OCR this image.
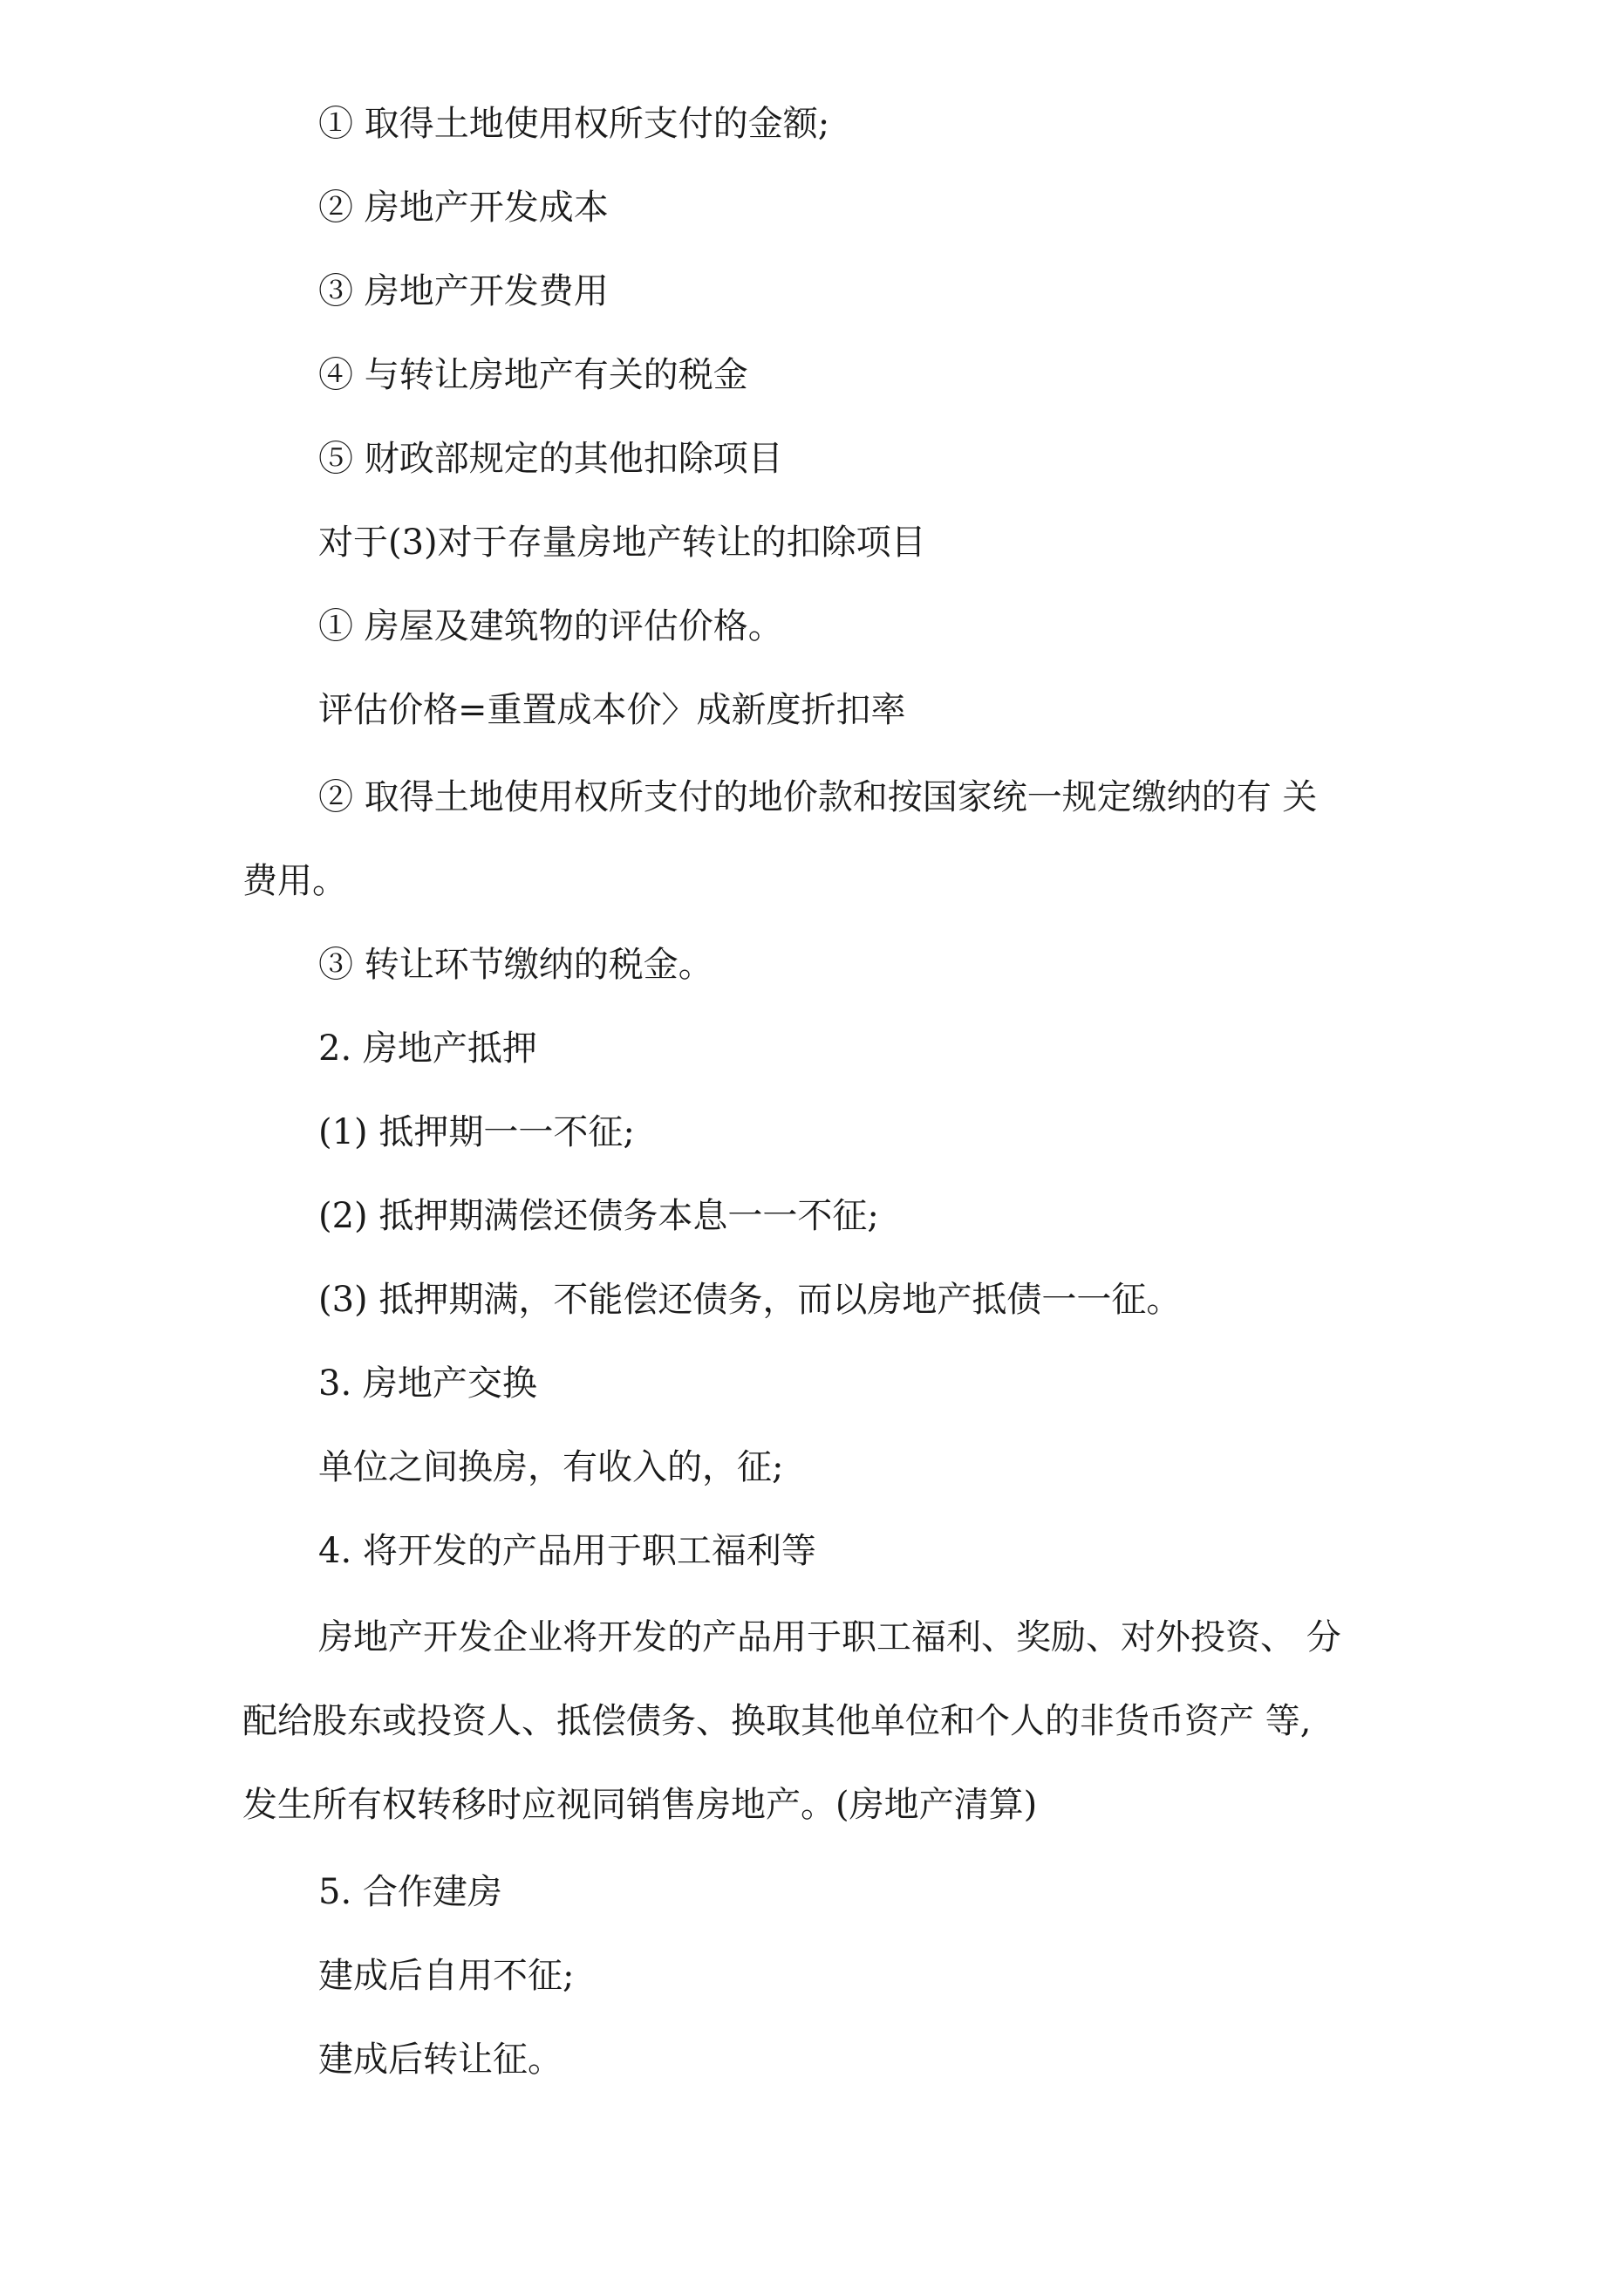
① 取得土地使用权所支付的金额;
② 房地产开发成本
③ 房地产开发费用
④ 与转让房地产有关的税金
⑤ 财政部规定的其他扣除项目
对于(3)对于存量房地产转让的扣除项目
① 房屋及建筑物的评估价格。
评估价格=重置成本价〉成新度折扣率
② 取得土地使用权所支付的地价款和按国家统一规定缴纳的有 关
费用。
③ 转让环节缴纳的税金。
2. 房地产抵押
(1) 抵押期一一不征;
(2) 抵押期满偿还债务本息一一不征;
(3) 抵押期满，不能偿还债务，而以房地产抵债一一征。
3. 房地产交换
单位之间换房，有收入的，征;
4. 将开发的产品用于职工福利等
房地产开发企业将开发的产品用于职工福利、奖励、对外投资、 分
配给股东或投资人、抵偿债务、换取其他单位和个人的非货币资产 等,
发生所有权转移时应视同销售房地产。(房地产清算)
5. 合作建房
建成后自用不征;
建成后转让征。
